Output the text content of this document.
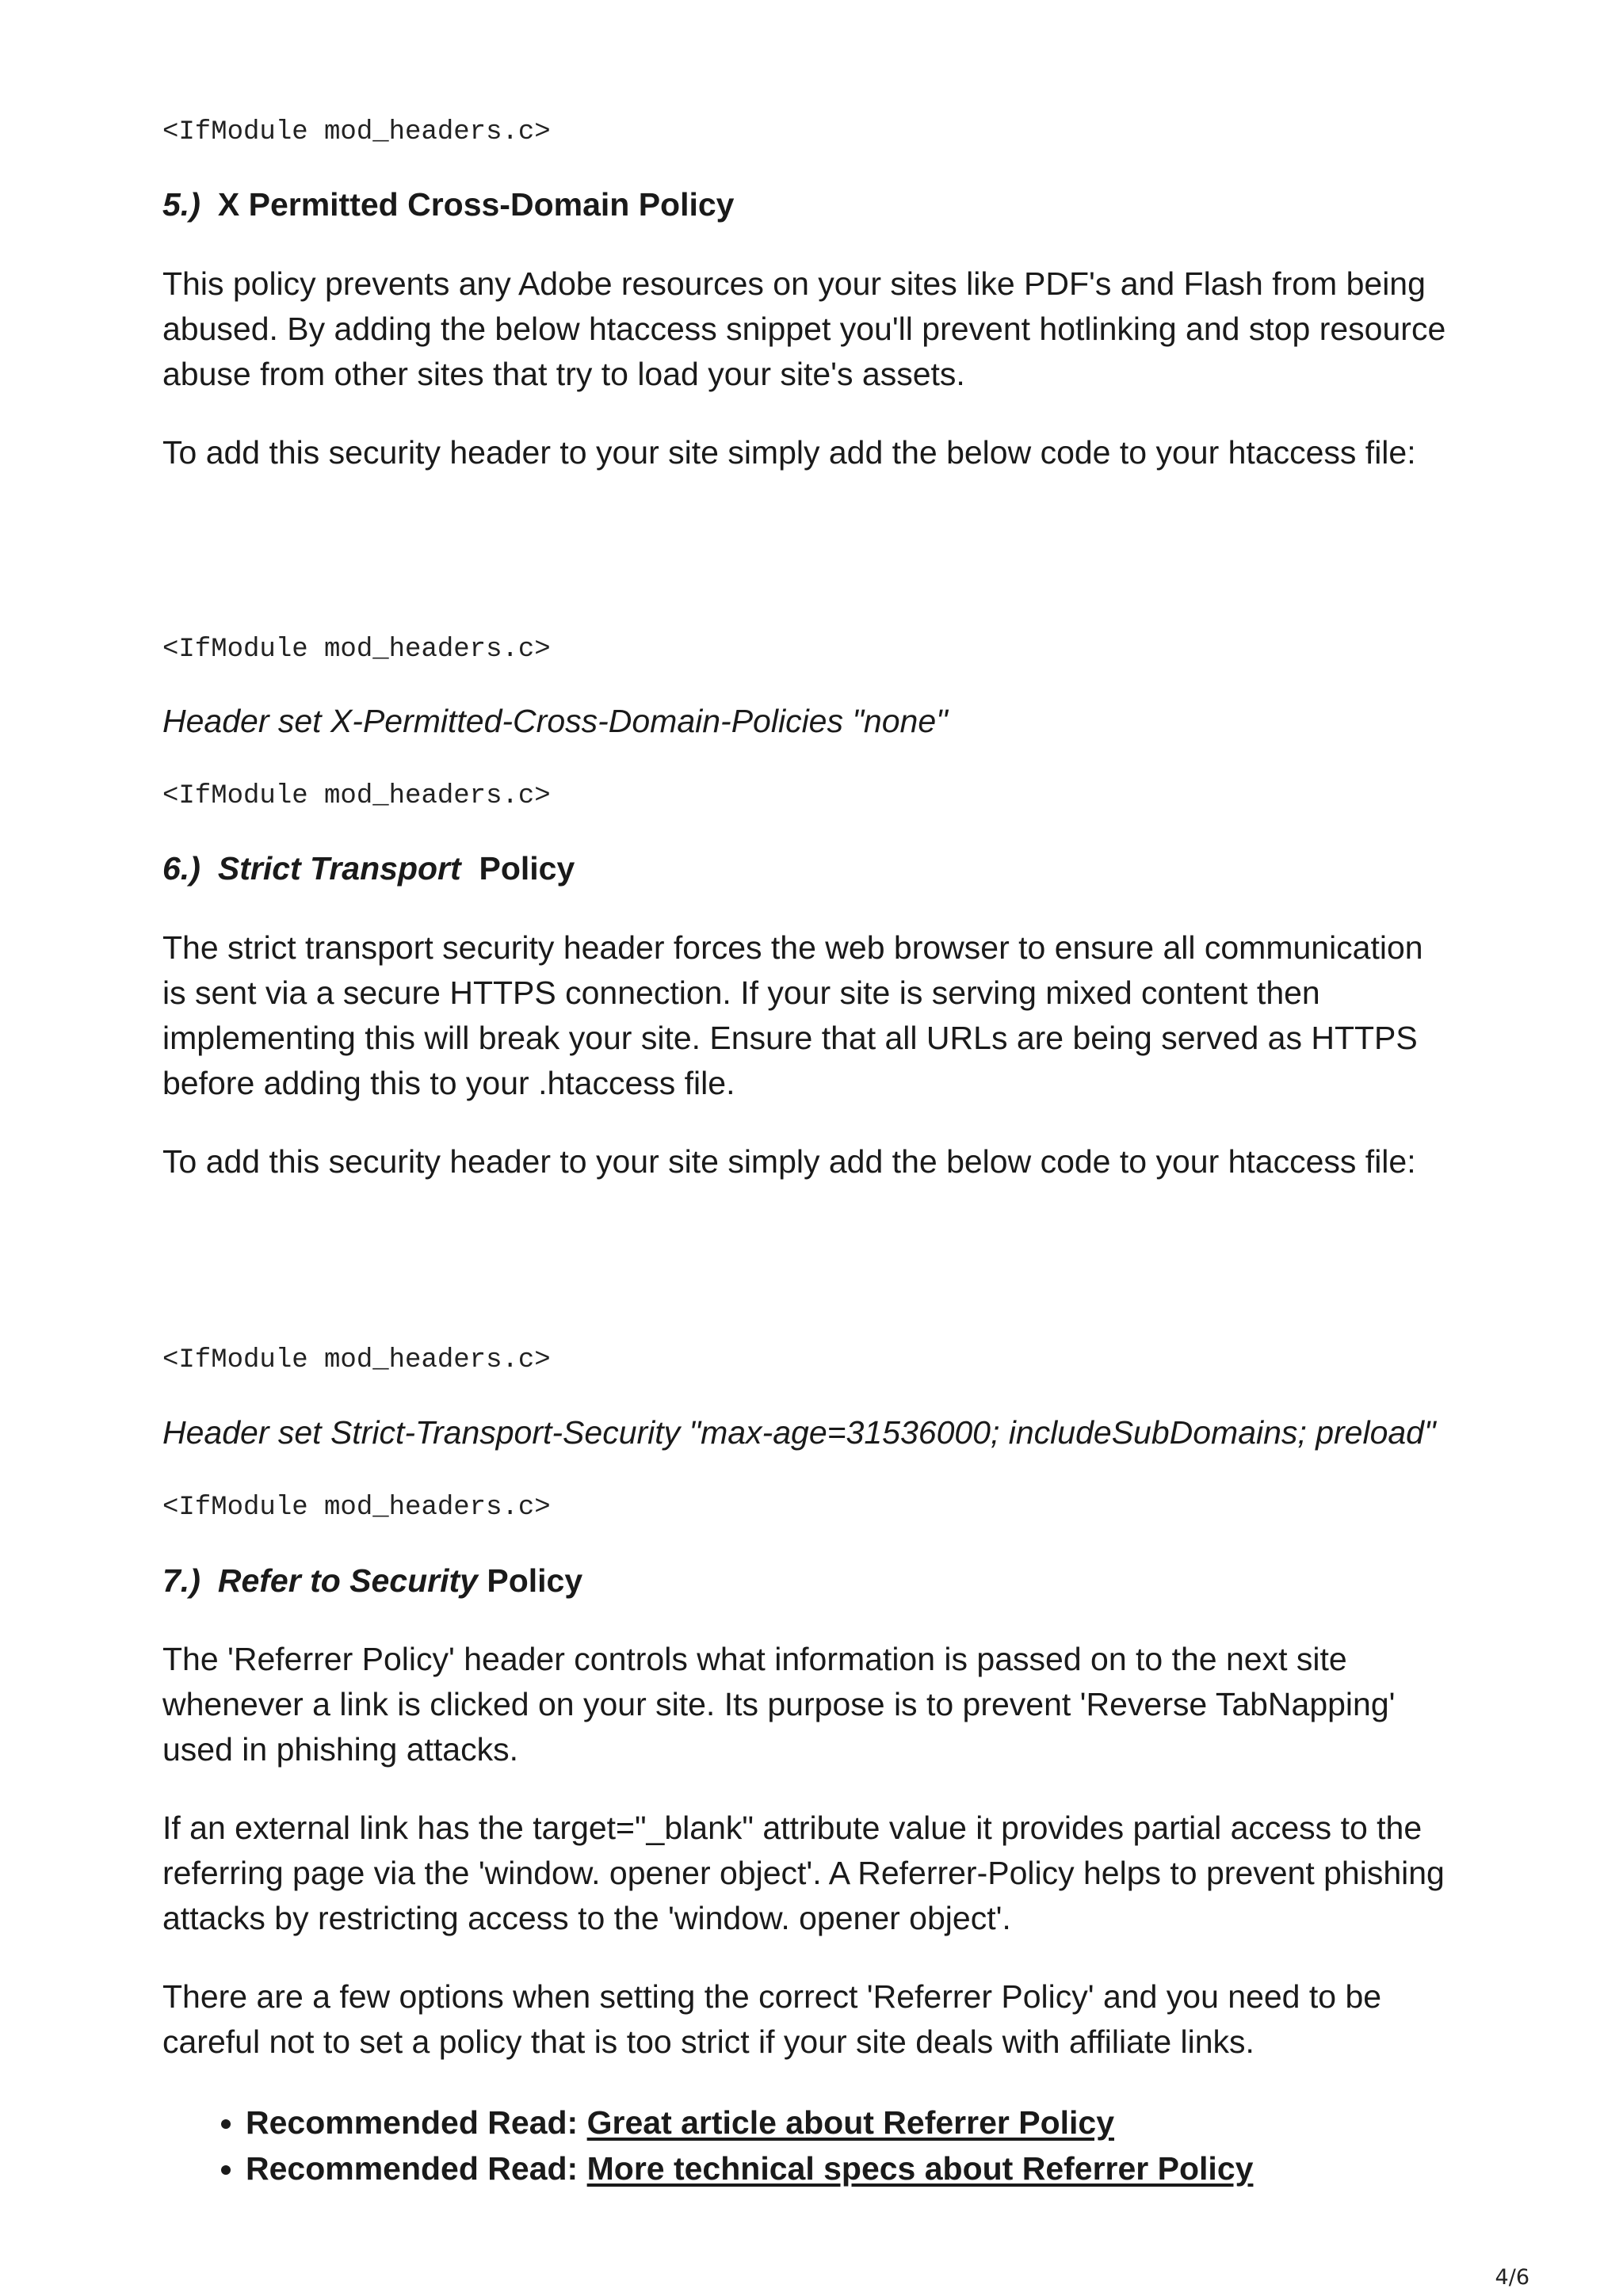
<IfModule mod_headers.c>
5.) X Permitted Cross-Domain Policy
This policy prevents any Adobe resources on your sites like PDF's and Flash from being
abused. By adding the below htaccess snippet you'll prevent hotlinking and stop resource
abuse from other sites that try to load your site's assets.
To add this security header to your site simply add the below code to your htaccess file:
<IfModule mod_headers.c>
Header set X-Permitted-Cross-Domain-Policies "none"
<IfModule mod_headers.c>
6.) Strict Transport Policy
The strict transport security header forces the web browser to ensure all communication
is sent via a secure HTTPS connection. If your site is serving mixed content then
implementing this will break your site. Ensure that all URLs are being served as HTTPS
before adding this to your .htaccess file.
To add this security header to your site simply add the below code to your htaccess file:
<IfModule mod_headers.c>
Header set Strict-Transport-Security "max-age=31536000; includeSubDomains; preload"
<IfModule mod_headers.c>
7.) Refer to Security Policy
The 'Referrer Policy' header controls what information is passed on to the next site
whenever a link is clicked on your site. Its purpose is to prevent 'Reverse TabNapping'
used in phishing attacks.
If an external link has the target="_blank" attribute value it provides partial access to the
referring page via the 'window. opener object'. A Referrer-Policy helps to prevent phishing
attacks by restricting access to the 'window. opener object'.
There are a few options when setting the correct 'Referrer Policy' and you need to be
careful not to set a policy that is too strict if your site deals with affiliate links.
• Recommended Read: Great article about Referrer Policy
• Recommended Read: More technical specs about Referrer Policy
4/6
